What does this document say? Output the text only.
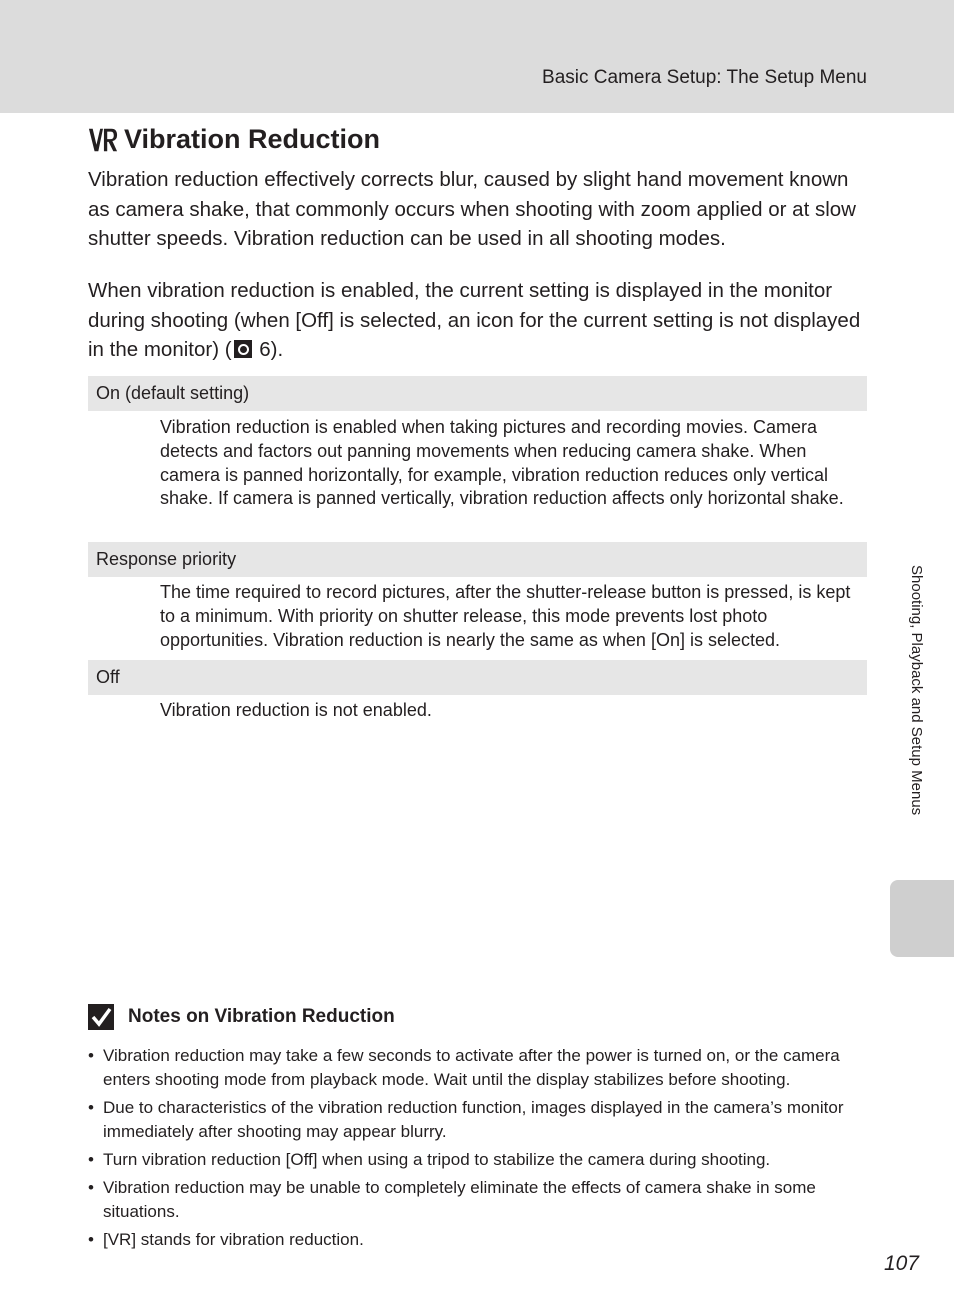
Basic Camera Setup: The Setup Menu
Vibration Reduction

Vibration reduction effectively corrects blur, caused by slight hand movement known as camera shake, that commonly occurs when shooting with zoom applied or at slow shutter speeds. Vibration reduction can be used in all shooting modes.

When vibration reduction is enabled, the current setting is displayed in the monitor during shooting (when [Off] is selected, an icon for the current setting is not displayed in the monitor) ( 6).

On (default setting)

Vibration reduction is enabled when taking pictures and recording movies. Camera detects and factors out panning movements when reducing camera shake. When camera is panned horizontally, for example, vibration reduction reduces only vertical shake. If camera is panned vertically, vibration reduction affects only horizontal shake.

Response priority

The time required to record pictures, after the shutter-release button is pressed, is kept to a minimum. With priority on shutter release, this mode prevents lost photo opportunities. Vibration reduction is nearly the same as when [On] is selected.

Off

Vibration reduction is not enabled.	Shooting, Playback and Setup Menus
Notes on Vibration Reduction
• Vibration reduction may take a few seconds to activate after the power is turned on, or the camera enters shooting mode from playback mode. Wait until the display stabilizes before shooting.
• Due to characteristics of the vibration reduction function, images displayed in the camera’s monitor immediately after shooting may appear blurry.
• Turn vibration reduction [Off] when using a tripod to stabilize the camera during shooting.
• Vibration reduction may be unable to completely eliminate the effects of camera shake in some situations.
• [VR] stands for vibration reduction.
107
